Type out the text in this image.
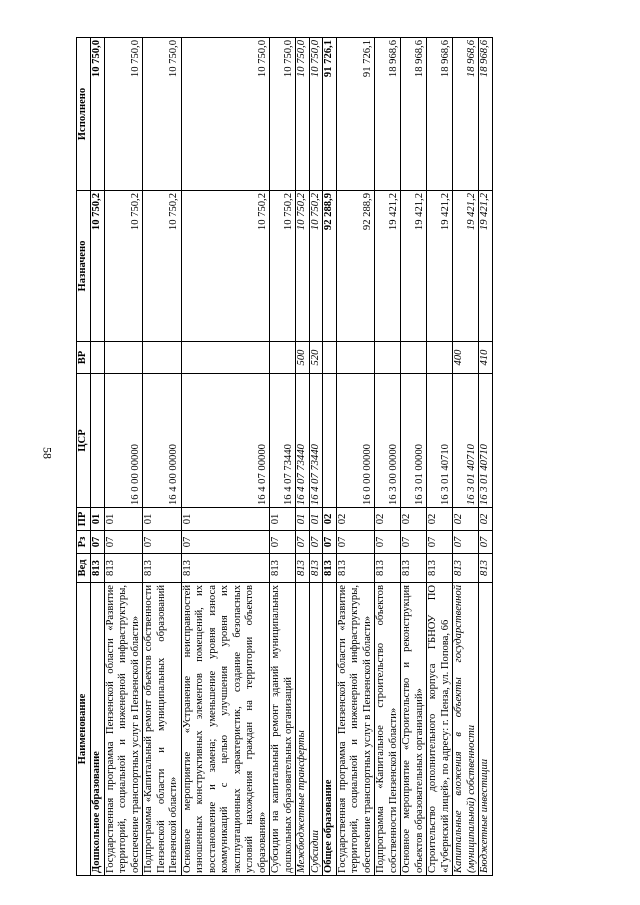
58
Наименование	Вед	Рз	ПР	ЦСР	ВР	Назначено	Исполнено
Дошкольное образование	813	07	01			10 750,2	10 750,0
Государственная программа Пензенской области «Развитие территорий, социальной и инженерной инфраструктуры, обеспечение транспортных услуг в Пензенской области»	813	07	01	16 0 00 00000		10 750,2	10 750,0
Подпрограмма «Капитальный ремонт объектов собственности Пензенской области и муниципальных образований Пензенской области»	813	07	01	16 4 00 00000		10 750,2	10 750,0
Основное мероприятие «Устранение неисправностей изношенных конструктивных элементов помещений, их восстановление и замена; уменьшение уровня износа коммуникаций с целью улучшения уровня их эксплуатационных характеристик, создание безопасных условий нахождения граждан на территории объектов образования»	813	07	01	16 4 07 00000		10 750,2	10 750,0
Субсидии на капитальный ремонт зданий муниципальных дошкольных образовательных организаций	813	07	01	16 4 07 73440		10 750,2	10 750,0
Межбюджетные трансферты	813	07	01	16 4 07 73440	500	10 750,2	10 750,0
Субсидии	813	07	01	16 4 07 73440	520	10 750,2	10 750,0
Общее образование	813	07	02			92 288,9	91 726,1
Государственная программа Пензенской области «Развитие территорий, социальной и инженерной инфраструктуры, обеспечение транспортных услуг в Пензенской области»	813	07	02	16 0 00 00000		92 288,9	91 726,1
Подпрограмма «Капитальное строительство объектов собственности Пензенской области»	813	07	02	16 3 00 00000		19 421,2	18 968,6
Основное мероприятие «Строительство и реконструкция объектов образовательных организаций»	813	07	02	16 3 01 00000		19 421,2	18 968,6
Строительство дополнительного корпуса ГБНОУ ПО «Губернский лицей», по адресу: г. Пенза, ул. Попова, 66	813	07	02	16 3 01 40710		19 421,2	18 968,6
Капитальные вложения в объекты государственной (муниципальной) собственности	813	07	02	16 3 01 40710	400	19 421,2	18 968,6
Бюджетные инвестиции	813	07	02	16 3 01 40710	410	19 421,2	18 968,6
